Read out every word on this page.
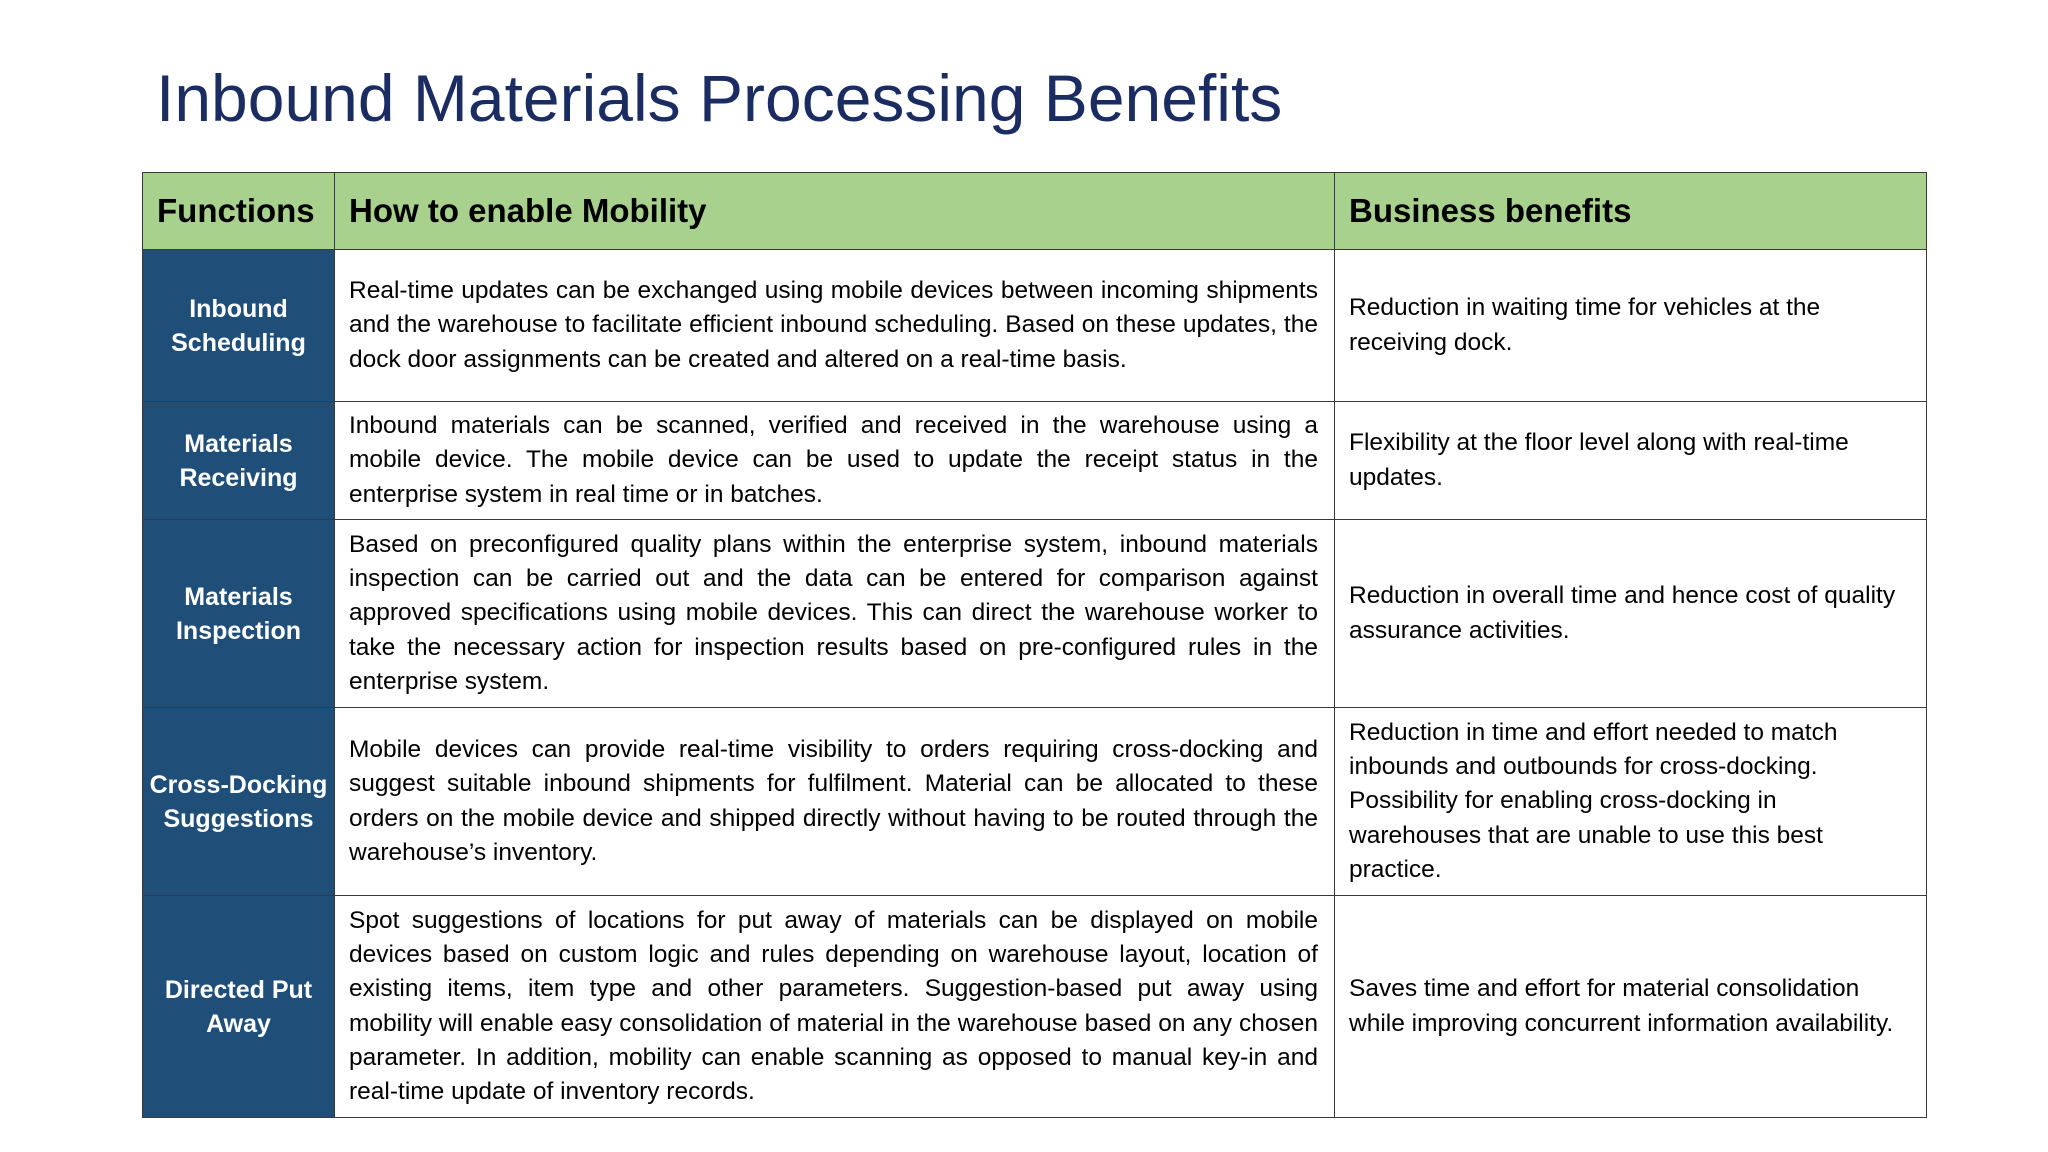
Inbound Materials Processing Benefits
Functions	How to enable Mobility	Business benefits
Inbound Scheduling	Real-time updates can be exchanged using mobile devices between incoming shipments and the warehouse to facilitate efficient inbound scheduling. Based on these updates, the dock door assignments can be created and altered on a real-time basis.	Reduction in waiting time for vehicles at the receiving dock.
Materials Receiving	Inbound materials can be scanned, verified and received in the warehouse using a mobile device. The mobile device can be used to update the receipt status in the enterprise system in real time or in batches.	Flexibility at the floor level along with real-time updates.
Materials Inspection	Based on preconfigured quality plans within the enterprise system, inbound materials inspection can be carried out and the data can be entered for comparison against approved specifications using mobile devices. This can direct the warehouse worker to take the necessary action for inspection results based on pre-configured rules in the enterprise system.	Reduction in overall time and hence cost of quality assurance activities.
Cross-Docking Suggestions	Mobile devices can provide real-time visibility to orders requiring cross-docking and suggest suitable inbound shipments for fulfilment. Material can be allocated to these orders on the mobile device and shipped directly without having to be routed through the warehouse’s inventory.	Reduction in time and effort needed to match inbounds and outbounds for cross-docking. Possibility for enabling cross-docking in warehouses that are unable to use this best practice.
Directed Put Away	Spot suggestions of locations for put away of materials can be displayed on mobile devices based on custom logic and rules depending on warehouse layout, location of existing items, item type and other parameters. Suggestion-based put away using mobility will enable easy consolidation of material in the warehouse based on any chosen parameter. In addition, mobility can enable scanning as opposed to manual key-in and real-time update of inventory records.	Saves time and effort for material consolidation while improving concurrent information availability.
